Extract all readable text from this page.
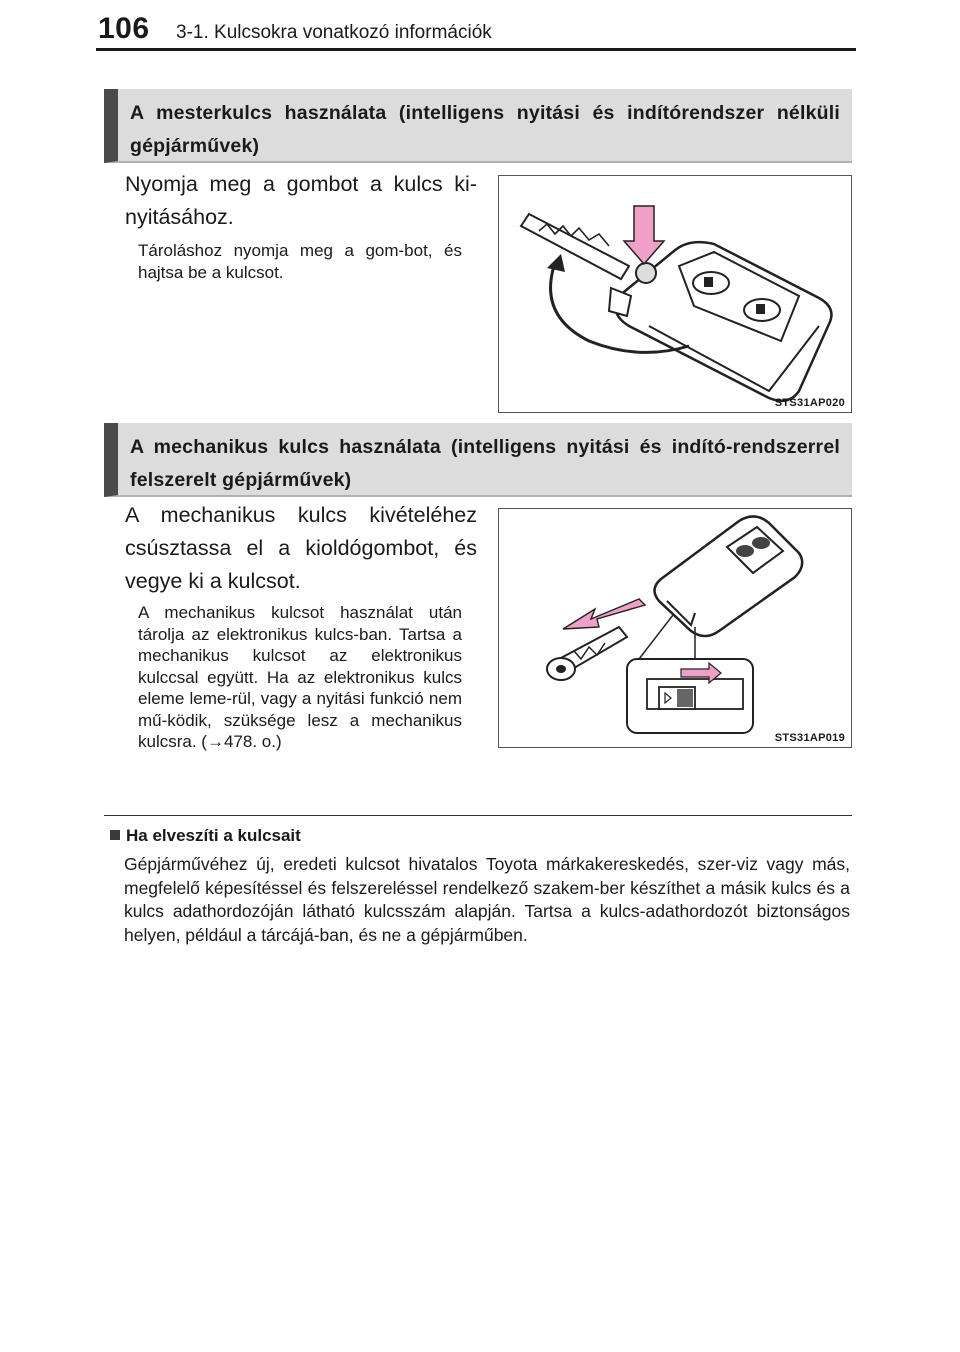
106 3-1. Kulcsokra vonatkozó információk
A mesterkulcs használata (intelligens nyitási és indítórendszer nélküli gépjárművek)
Nyomja meg a gombot a kulcs ki-nyitásához.
Tároláshoz nyomja meg a gom-bot, és hajtsa be a kulcsot.
STS31AP020
A mechanikus kulcs használata (intelligens nyitási és indító-rendszerrel felszerelt gépjárművek)
A mechanikus kulcs kivételéhez csúsztassa el a kioldógombot, és vegye ki a kulcsot.
A mechanikus kulcsot használat után tárolja az elektronikus kulcs-ban. Tartsa a mechanikus kulcsot az elektronikus kulccsal együtt. Ha az elektronikus kulcs eleme leme-rül, vagy a nyitási funkció nem mű-ködik, szüksége lesz a mechanikus kulcsra. (→478. o.)	STS31AP019
Ha elveszíti a kulcsait
Gépjárművéhez új, eredeti kulcsot hivatalos Toyota márkakereskedés, szer-viz vagy más, megfelelő képesítéssel és felszereléssel rendelkező szakem-ber készíthet a másik kulcs és a kulcs adathordozóján látható kulcsszám alapján. Tartsa a kulcs-adathordozót biztonságos helyen, például a tárcájá-ban, és ne a gépjárműben.
